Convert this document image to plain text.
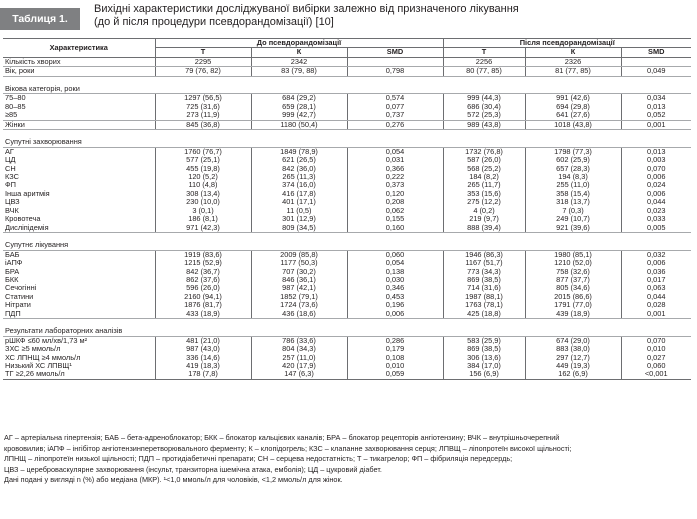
Таблиця 1.
Вихідні характеристики досліджуваної вибірки залежно від призначеного лікування
(до й після процедури псевдорандомізації) [10]
Характеристика	До псевдорандомізації			Після псевдорандомізації		
	Т	К	SMD	Т	К	SMD
Кількість хворих	2295	2342		2256	2326	
Вік, роки	79 (76, 82)	83 (79, 88)	0,798	80 (77, 85)	81 (77, 85)	0,049

Вікова категорія, роки						
75–80	1297 (56,5)	684 (29,2)	0,574	999 (44,3)	991 (42,6)	0,034
80–85	725 (31,6)	659 (28,1)	0,077	686 (30,4)	694 (29,8)	0,013
≥85	273 (11,9)	999 (42,7)	0,737	572 (25,3)	641 (27,6)	0,052
Жінки	845 (36,8)	1180 (50,4)	0,276	989 (43,8)	1018 (43,8)	0,001

Супутні захворювання						
АГ	1760 (76,7)	1849 (78,9)	0,054	1732 (76,8)	1798 (77,3)	0,013
ЦД	577 (25,1)	621 (26,5)	0,031	587 (26,0)	602 (25,9)	0,003
СН	455 (19,8)	842 (36,0)	0,366	568 (25,2)	657 (28,3)	0,070
КЗС	120 (5,2)	265 (11,3)	0,222	184 (8,2)	194 (8,3)	0,006
ФП	110 (4,8)	374 (16,0)	0,373	265 (11,7)	255 (11,0)	0,024
Інша аритмія	308 (13,4)	416 (17,8)	0,120	353 (15,6)	358 (15,4)	0,006
ЦВЗ	230 (10,0)	401 (17,1)	0,208	275 (12,2)	318 (13,7)	0,044
ВЧК	3 (0,1)	11 (0,5)	0,062	4 (0,2)	7 (0,3)	0,023
Кровотеча	186 (8,1)	301 (12,9)	0,155	219 (9,7)	249 (10,7)	0,033
Дисліпідемія	971 (42,3)	809 (34,5)	0,160	888 (39,4)	921 (39,6)	0,005

Супутнє лікування						
БАБ	1919 (83,6)	2009 (85,8)	0,060	1946 (86,3)	1980 (85,1)	0,032
іАПФ	1215 (52,9)	1177 (50,3)	0,054	1167 (51,7)	1210 (52,0)	0,006
БРА	842 (36,7)	707 (30,2)	0,138	773 (34,3)	758 (32,6)	0,036
БКК	862 (37,6)	846 (36,1)	0,030	869 (38,5)	877 (37,7)	0,017
Сечогінні	596 (26,0)	987 (42,1)	0,346	714 (31,6)	805 (34,6)	0,063
Статини	2160 (94,1)	1852 (79,1)	0,453	1987 (88,1)	2015 (86,6)	0,044
Нітрати	1876 (81,7)	1724 (73,6)	0,196	1763 (78,1)	1791 (77,0)	0,028
ПДП	433 (18,9)	436 (18,6)	0,006	425 (18,8)	439 (18,9)	0,001

Результати лабораторних аналізів						
рШКФ ≤60 мл/хв/1,73 м²	481 (21,0)	786 (33,6)	0,286	583 (25,9)	674 (29,0)	0,070
ЗХС ≥5 ммоль/л	987 (43,0)	804 (34,3)	0,179	869 (38,5)	883 (38,0)	0,010
ХС ЛПНЩ ≥4 ммоль/л	336 (14,6)	257 (11,0)	0,108	306 (13,6)	297 (12,7)	0,027
Низький ХС ЛПВЩ¹	419 (18,3)	420 (17,9)	0,010	384 (17,0)	449 (19,3)	0,060
ТГ ≥2,26 ммоль/л	178 (7,8)	147 (6,3)	0,059	156 (6,9)	162 (6,9)	<0,001
АГ – артеріальна гіпертензія; БАБ – бета-адреноблокатор; БКК – блокатор кальцієвих каналів; БРА – блокатор рецепторів ангіотензину; ВЧК – внутрішньочерепний
крововилив; іАПФ – інгібітор ангіотензинперетворювального ферменту; К – клопідогрель; КЗС – клапанне захворювання серця; ЛПВЩ – ліпопротеїн високої щільності;
ЛПНЩ – ліпопротеїн низької щільності; ПДП – протидіабетичні препарати; СН – серцева недостатність; Т – тикагрелор; ФП – фібриляція передсердь;
ЦВЗ – цереброваскулярне захворювання (інсульт, транзиторна ішемічна атака, емболія); ЦД – цукровий діабет.
Дані подані у вигляді n (%) або медіана (МКР). ¹<1,0 ммоль/л для чоловіків, <1,2 ммоль/л для жінок.
